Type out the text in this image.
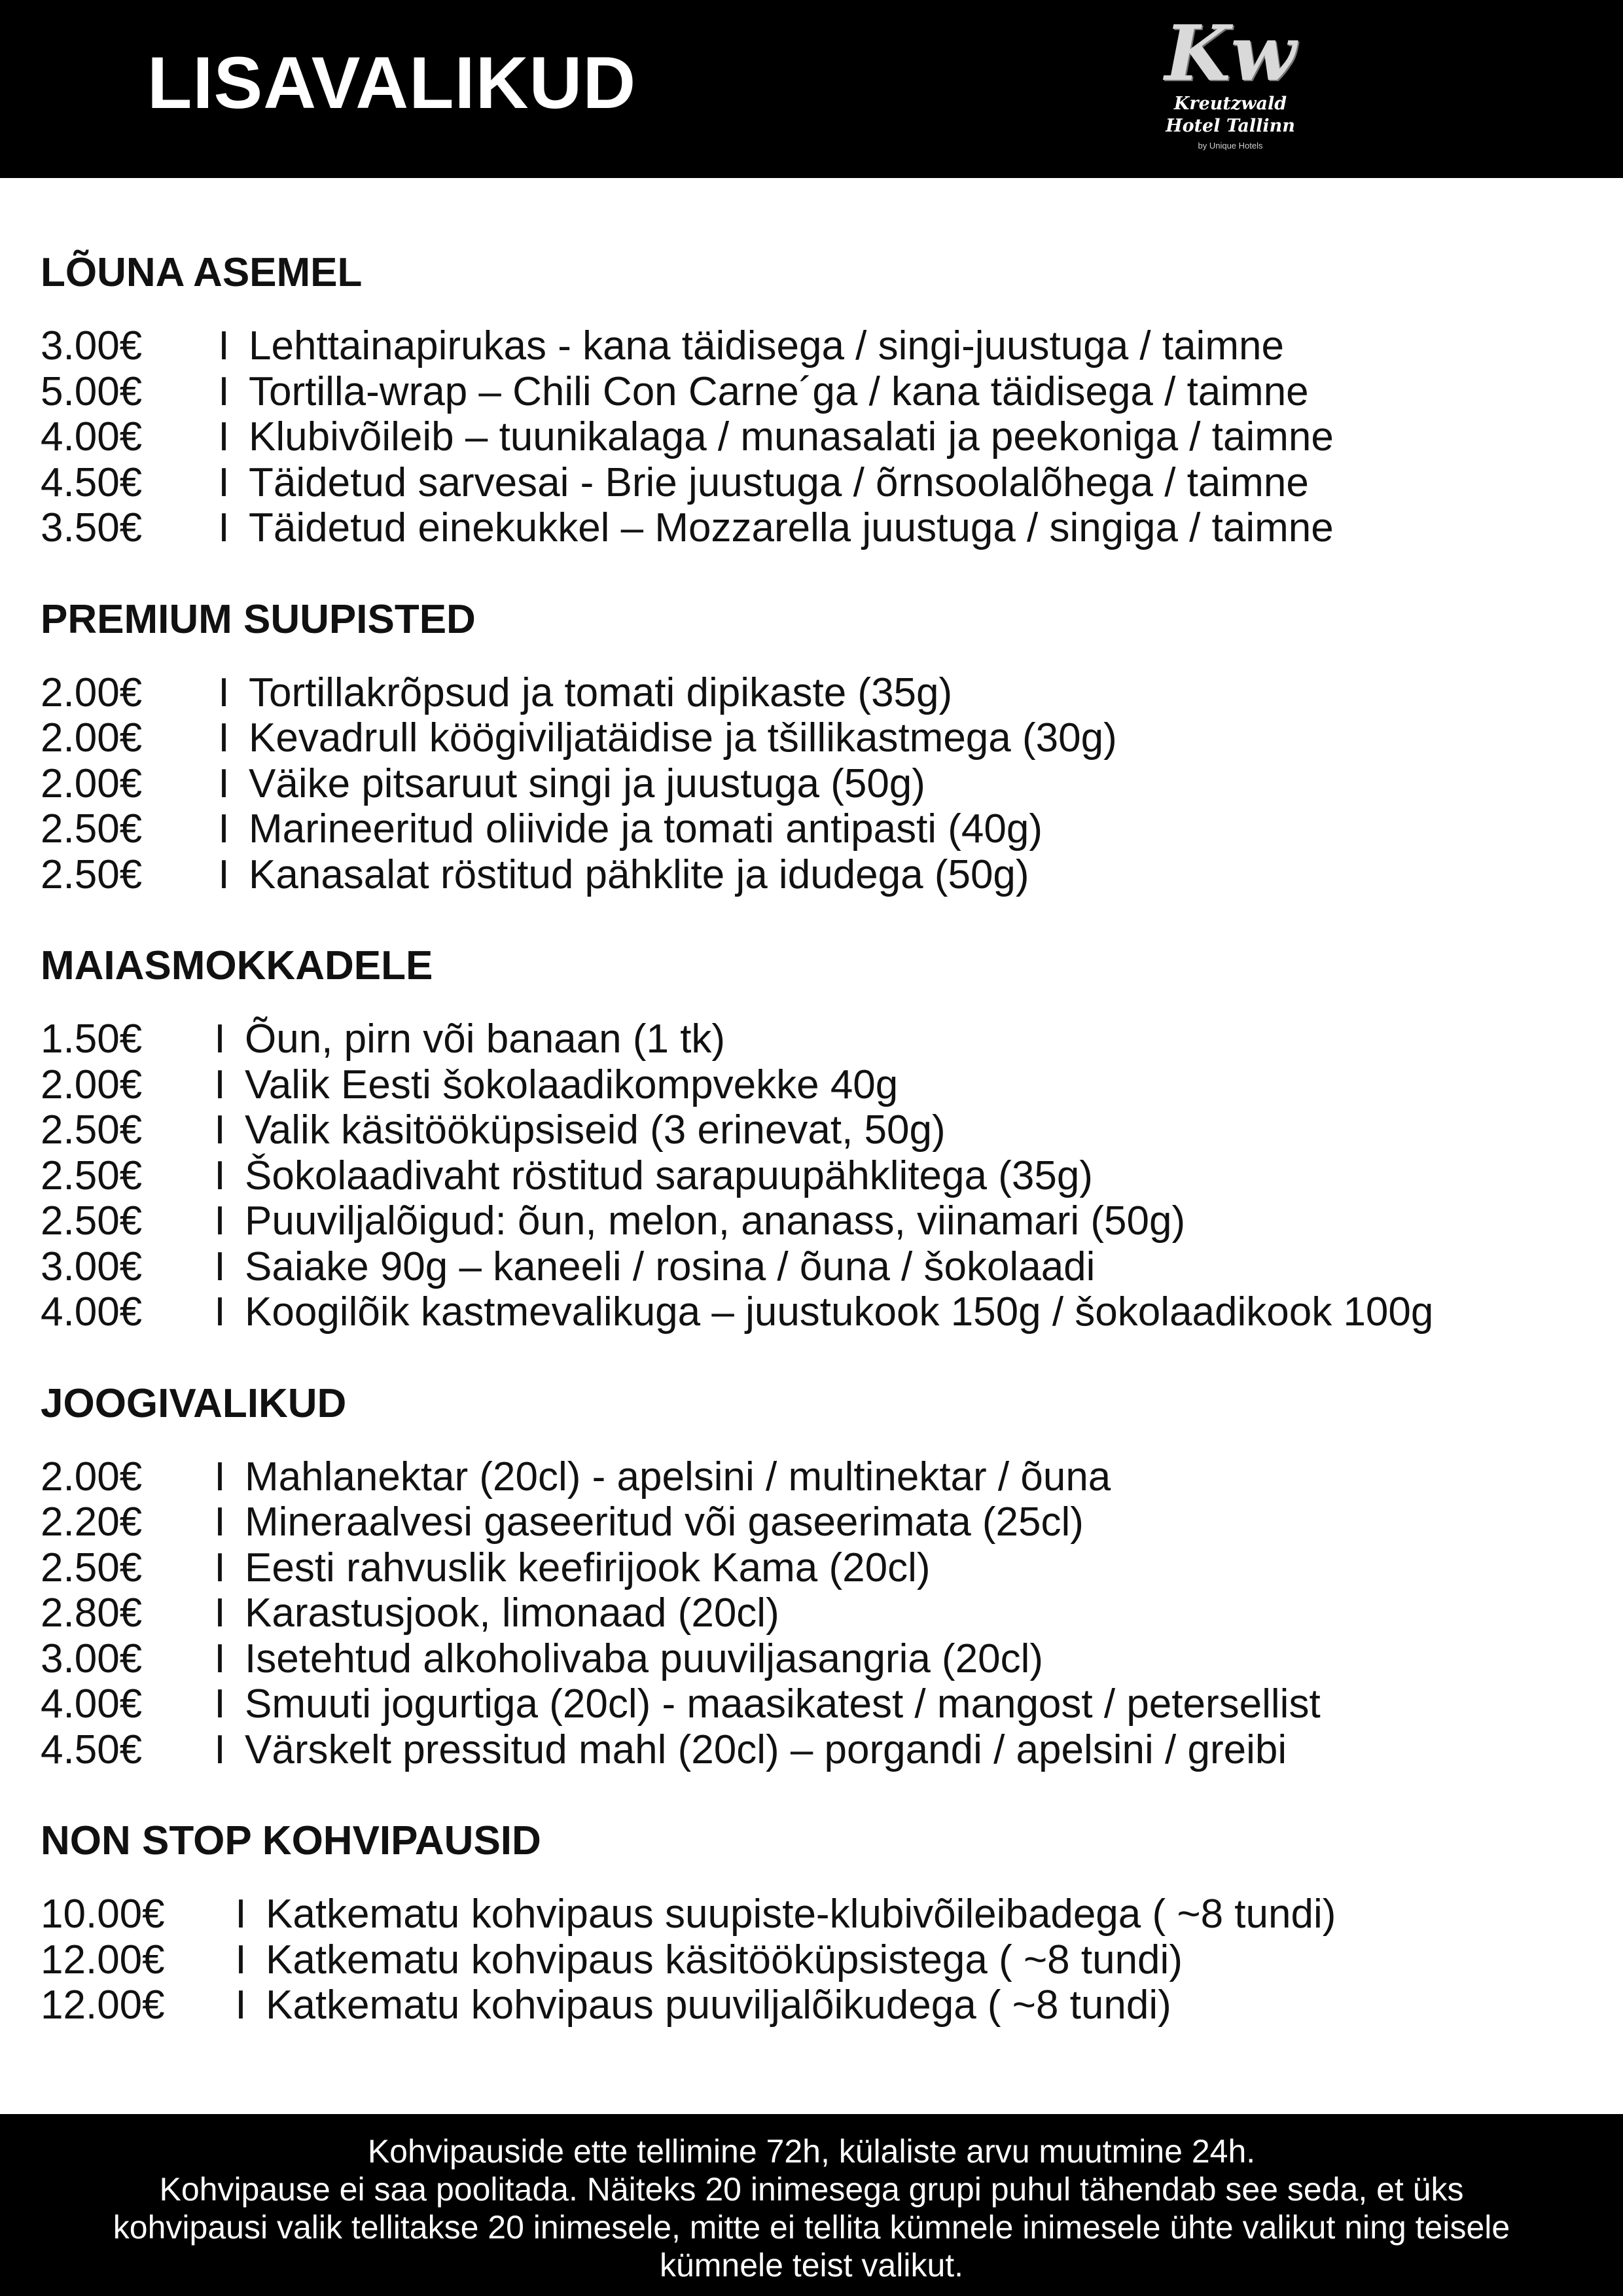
LISAVALIKUD	Kw
Kreutzwald
Hotel Tallinn
by Unique Hotels
LÕUNA ASEMEL
3.00€	I Lehttainapirukas - kana täidisega / singi-juustuga / taimne
5.00€	I Tortilla-wrap – Chili Con Carne´ga / kana täidisega / taimne
4.00€	I Klubivõileib – tuunikalaga / munasalati ja peekoniga / taimne
4.50€	I Täidetud sarvesai - Brie juustuga / õrnsoolalõhega / taimne
3.50€	I Täidetud einekukkel – Mozzarella juustuga / singiga / taimne
PREMIUM SUUPISTED
2.00€	I Tortillakrõpsud ja tomati dipikaste (35g)
2.00€	I Kevadrull köögiviljatäidise ja tšillikastmega (30g)
2.00€	I Väike pitsaruut singi ja juustuga (50g)
2.50€	I Marineeritud oliivide ja tomati antipasti (40g)
2.50€	I Kanasalat röstitud pähklite ja idudega (50g)
MAIASMOKKADELE
1.50€	I Õun, pirn või banaan (1 tk)
2.00€	I Valik Eesti šokolaadikompvekke 40g
2.50€	I Valik käsitööküpsiseid (3 erinevat, 50g)
2.50€	I Šokolaadivaht röstitud sarapuupähklitega (35g)
2.50€	I Puuviljalõigud: õun, melon, ananass, viinamari (50g)
3.00€	I Saiake 90g – kaneeli / rosina / õuna / šokolaadi
4.00€	I Koogilõik kastmevalikuga – juustukook 150g / šokolaadikook 100g
JOOGIVALIKUD
2.00€	I Mahlanektar (20cl) - apelsini / multinektar / õuna
2.20€	I Mineraalvesi gaseeritud või gaseerimata (25cl)
2.50€	I Eesti rahvuslik keefirijook Kama (20cl)
2.80€	I Karastusjook, limonaad (20cl)
3.00€	I Isetehtud alkoholivaba puuviljasangria (20cl)
4.00€	I Smuuti jogurtiga (20cl) - maasikatest / mangost / petersellist
4.50€	I Värskelt pressitud mahl (20cl) – porgandi / apelsini / greibi
NON STOP KOHVIPAUSID
10.00€	I Katkematu kohvipaus suupiste-klubivõileibadega ( ~8 tundi)
12.00€	I Katkematu kohvipaus käsitööküpsistega ( ~8 tundi)
12.00€	I Katkematu kohvipaus puuviljalõikudega ( ~8 tundi)
Kohvipauside ette tellimine 72h, külaliste arvu muutmine 24h.
Kohvipause ei saa poolitada. Näiteks 20 inimesega grupi puhul tähendab see seda, et üks
kohvipausi valik tellitakse 20 inimesele, mitte ei tellita kümnele inimesele ühte valikut ning teisele
kümnele teist valikut.
